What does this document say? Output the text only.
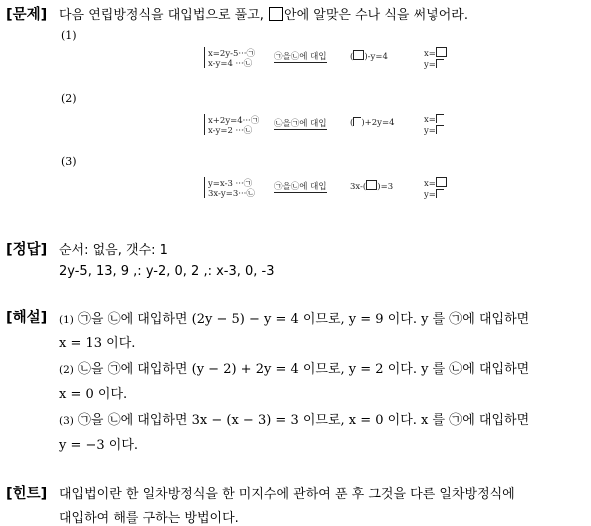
[문제] 다음 연립방정식을 대입법으로 풀고, 안에 알맞은 수나 식을 써넣어라.
(1)
x=2y-5···㉠
x-y=4 ···㉡
㉠을㉡에 대입	( )-y=4	x=
y=
(2)
x+2y=4···㉠
x-y=2 ···㉡
㉡을㉠에 대입	( )+2y=4	x=
y=
(3)
y=x-3 ···㉠
3x-y=3···㉡
㉠을㉡에 대입	3x-( )=3	x=
y=
[정답] 순서: 없음, 갯수: 1
2y-5, 13, 9 ,: y-2, 0, 2 ,: x-3, 0, -3
[해설] (1) ㉠을 ㉡에 대입하면 (2y − 5) − y = 4 이므로, y = 9 이다. y 를 ㉠에 대입하면
x = 13 이다.
(2) ㉡을 ㉠에 대입하면 (y − 2) + 2y = 4 이므로, y = 2 이다. y 를 ㉡에 대입하면
x = 0 이다.
(3) ㉠을 ㉡에 대입하면 3x − (x − 3) = 3 이므로, x = 0 이다. x 를 ㉠에 대입하면
y = −3 이다.
[힌트] 대입법이란 한 일차방정식을 한 미지수에 관하여 푼 후 그것을 다른 일차방정식에
대입하여 해를 구하는 방법이다.
